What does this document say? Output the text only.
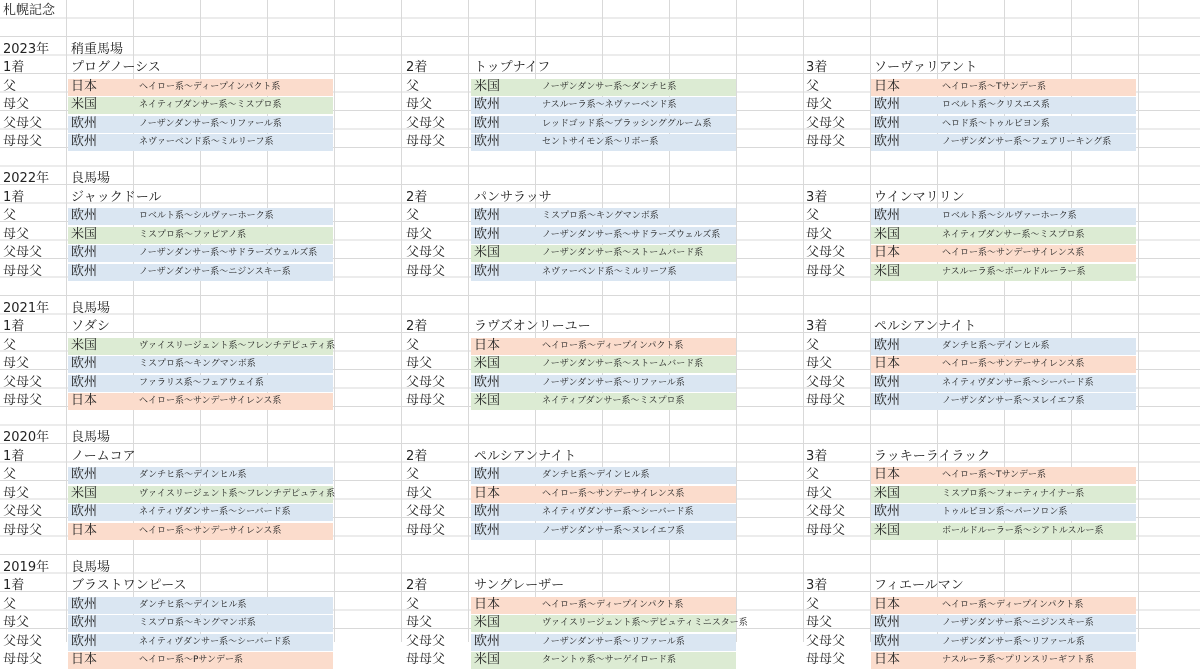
札幌記念
2023年 稍重馬場
1着	プログノーシス	2着	トップナイフ	3着	ソーヴァリアント
父	日本	ヘイロー系〜ディープインパクト系	父	米国	ノーザンダンサー系〜ダンチヒ系	父	日本	ヘイロー系〜Tサンデー系
母父	米国	ネイティブダンサー系〜ミスプロ系	母父	欧州	ナスルーラ系〜ネヴァーベンド系	母父	欧州	ロベルト系〜クリスエス系
父母父 欧州	ノーザンダンサー系〜リファール系	父母父 欧州	レッドゴッド系〜ブラッシンググルーム系	父母父 欧州	ヘロド系〜トゥルビヨン系
母母父 欧州	ネヴァーベンド系〜ミルリーフ系	母母父 欧州	セントサイモン系〜リボー系	母母父 欧州	ノーザンダンサー系〜フェアリーキング系
2022年 良馬場
1着	ジャックドール	2着	パンサラッサ	3着	ウインマリリン
父	欧州	ロベルト系〜シルヴァーホーク系	父	欧州	ミスプロ系〜キングマンボ系	父	欧州	ロベルト系〜シルヴァーホーク系
母父	米国	ミスプロ系〜ファピアノ系	母父	欧州	ノーザンダンサー系〜サドラーズウェルズ系	母父	米国	ネイティブダンサー系〜ミスプロ系
父母父 欧州	ノーザンダンサー系〜サドラーズウェルズ系	父母父 米国	ノーザンダンサー系〜ストームバード系	父母父 日本	ヘイロー系〜サンデーサイレンス系
母母父 欧州	ノーザンダンサー系〜ニジンスキー系	母母父 欧州	ネヴァーベンド系〜ミルリーフ系	母母父 米国	ナスルーラ系〜ボールドルーラー系
2021年 良馬場
1着	ソダシ	2着	ラヴズオンリーユー	3着	ペルシアンナイト
父	米国	ヴァイスリージェント系〜フレンチデピュティ系	父	日本	ヘイロー系〜ディープインパクト系	父	欧州	ダンチヒ系〜デインヒル系
母父	欧州	ミスプロ系〜キングマンボ系	母父	米国	ノーザンダンサー系〜ストームバード系	母父	日本	ヘイロー系〜サンデーサイレンス系
父母父 欧州	ファラリス系〜フェアウェイ系	父母父 欧州	ノーザンダンサー系〜リファール系	父母父 欧州	ネイティヴダンサー系〜シーバード系
母母父 日本	ヘイロー系〜サンデーサイレンス系	母母父 米国	ネイティブダンサー系〜ミスプロ系	母母父 欧州	ノーザンダンサー系〜ヌレイエフ系
2020年 良馬場
1着	ノームコア	2着	ペルシアンナイト	3着	ラッキーライラック
父	欧州	ダンチヒ系〜デインヒル系	父	欧州	ダンチヒ系〜デインヒル系	父	日本	ヘイロー系〜Tサンデー系
母父	米国	ヴァイスリージェント系〜フレンチデピュティ系	母父	日本	ヘイロー系〜サンデーサイレンス系	母父	米国	ミスプロ系〜フォーティナイナー系
父母父 欧州	ネイティヴダンサー系〜シーバード系	父母父 欧州	ネイティヴダンサー系〜シーバード系	父母父 欧州	トゥルビヨン系〜パーソロン系
母母父 日本	ヘイロー系〜サンデーサイレンス系	母母父 欧州	ノーザンダンサー系〜ヌレイエフ系	母母父 米国	ボールドルーラー系〜シアトルスルー系
2019年 良馬場
1着	ブラストワンピース	2着	サングレーザー	3着	フィエールマン
父	欧州	ダンチヒ系〜デインヒル系	父	日本	ヘイロー系〜ディープインパクト系	父	日本	ヘイロー系〜ディープインパクト系
母父	欧州	ミスプロ系〜キングマンボ系	母父	米国	ヴァイスリージェント系〜デピュティミニスター系	母父	欧州	ノーザンダンサー系〜ニジンスキー系
父母父 欧州	ネイティヴダンサー系〜シーバード系	父母父 欧州	ノーザンダンサー系〜リファール系	父母父 欧州	ノーザンダンサー系〜リファール系
母母父 日本	ヘイロー系〜Pサンデー系	母母父 米国	ターントゥ系〜サーゲイロード系	母母父 日本	ナスルーラ系〜プリンスリーギフト系
